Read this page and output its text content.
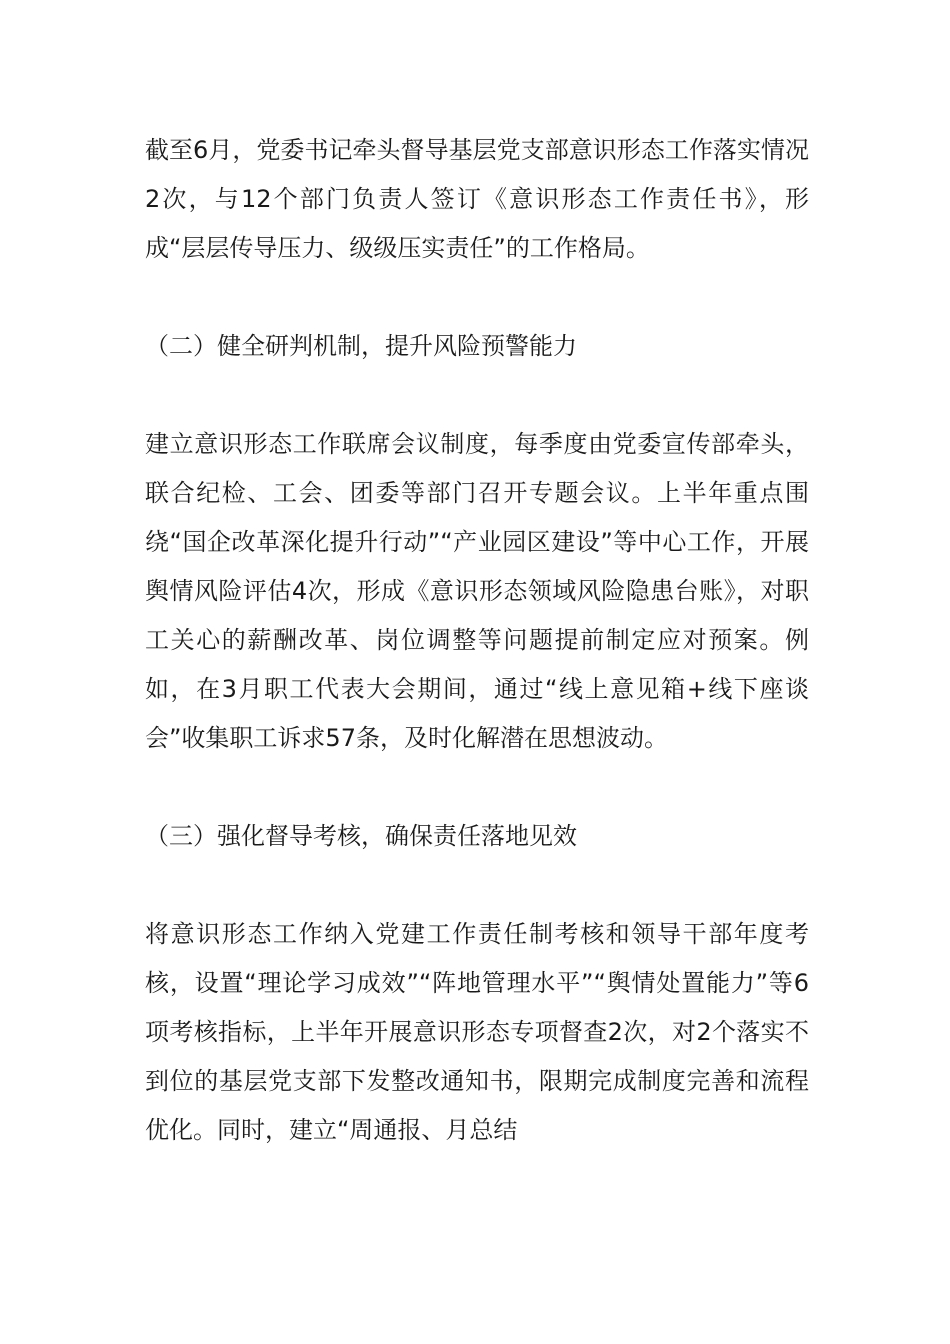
截至6月，党委书记牵头督导基层党支部意识形态工作落实情况2次，与12个部门负责人签订《意识形态工作责任书》，形成“层层传导压力、级级压实责任”的工作格局。

（二）健全研判机制，提升风险预警能力

建立意识形态工作联席会议制度，每季度由党委宣传部牵头，联合纪检、工会、团委等部门召开专题会议。上半年重点围绕“国企改革深化提升行动”“产业园区建设”等中心工作，开展舆情风险评估4次，形成《意识形态领域风险隐患台账》，对职工关心的薪酬改革、岗位调整等问题提前制定应对预案。例如，在3月职工代表大会期间，通过“线上意见箱+线下座谈会”收集职工诉求57条，及时化解潜在思想波动。

（三）强化督导考核，确保责任落地见效

将意识形态工作纳入党建工作责任制考核和领导干部年度考核，设置“理论学习成效”“阵地管理水平”“舆情处置能力”等6项考核指标，上半年开展意识形态专项督查2次，对2个落实不到位的基层党支部下发整改通知书，限期完成制度完善和流程优化。同时，建立“周通报、月总结
